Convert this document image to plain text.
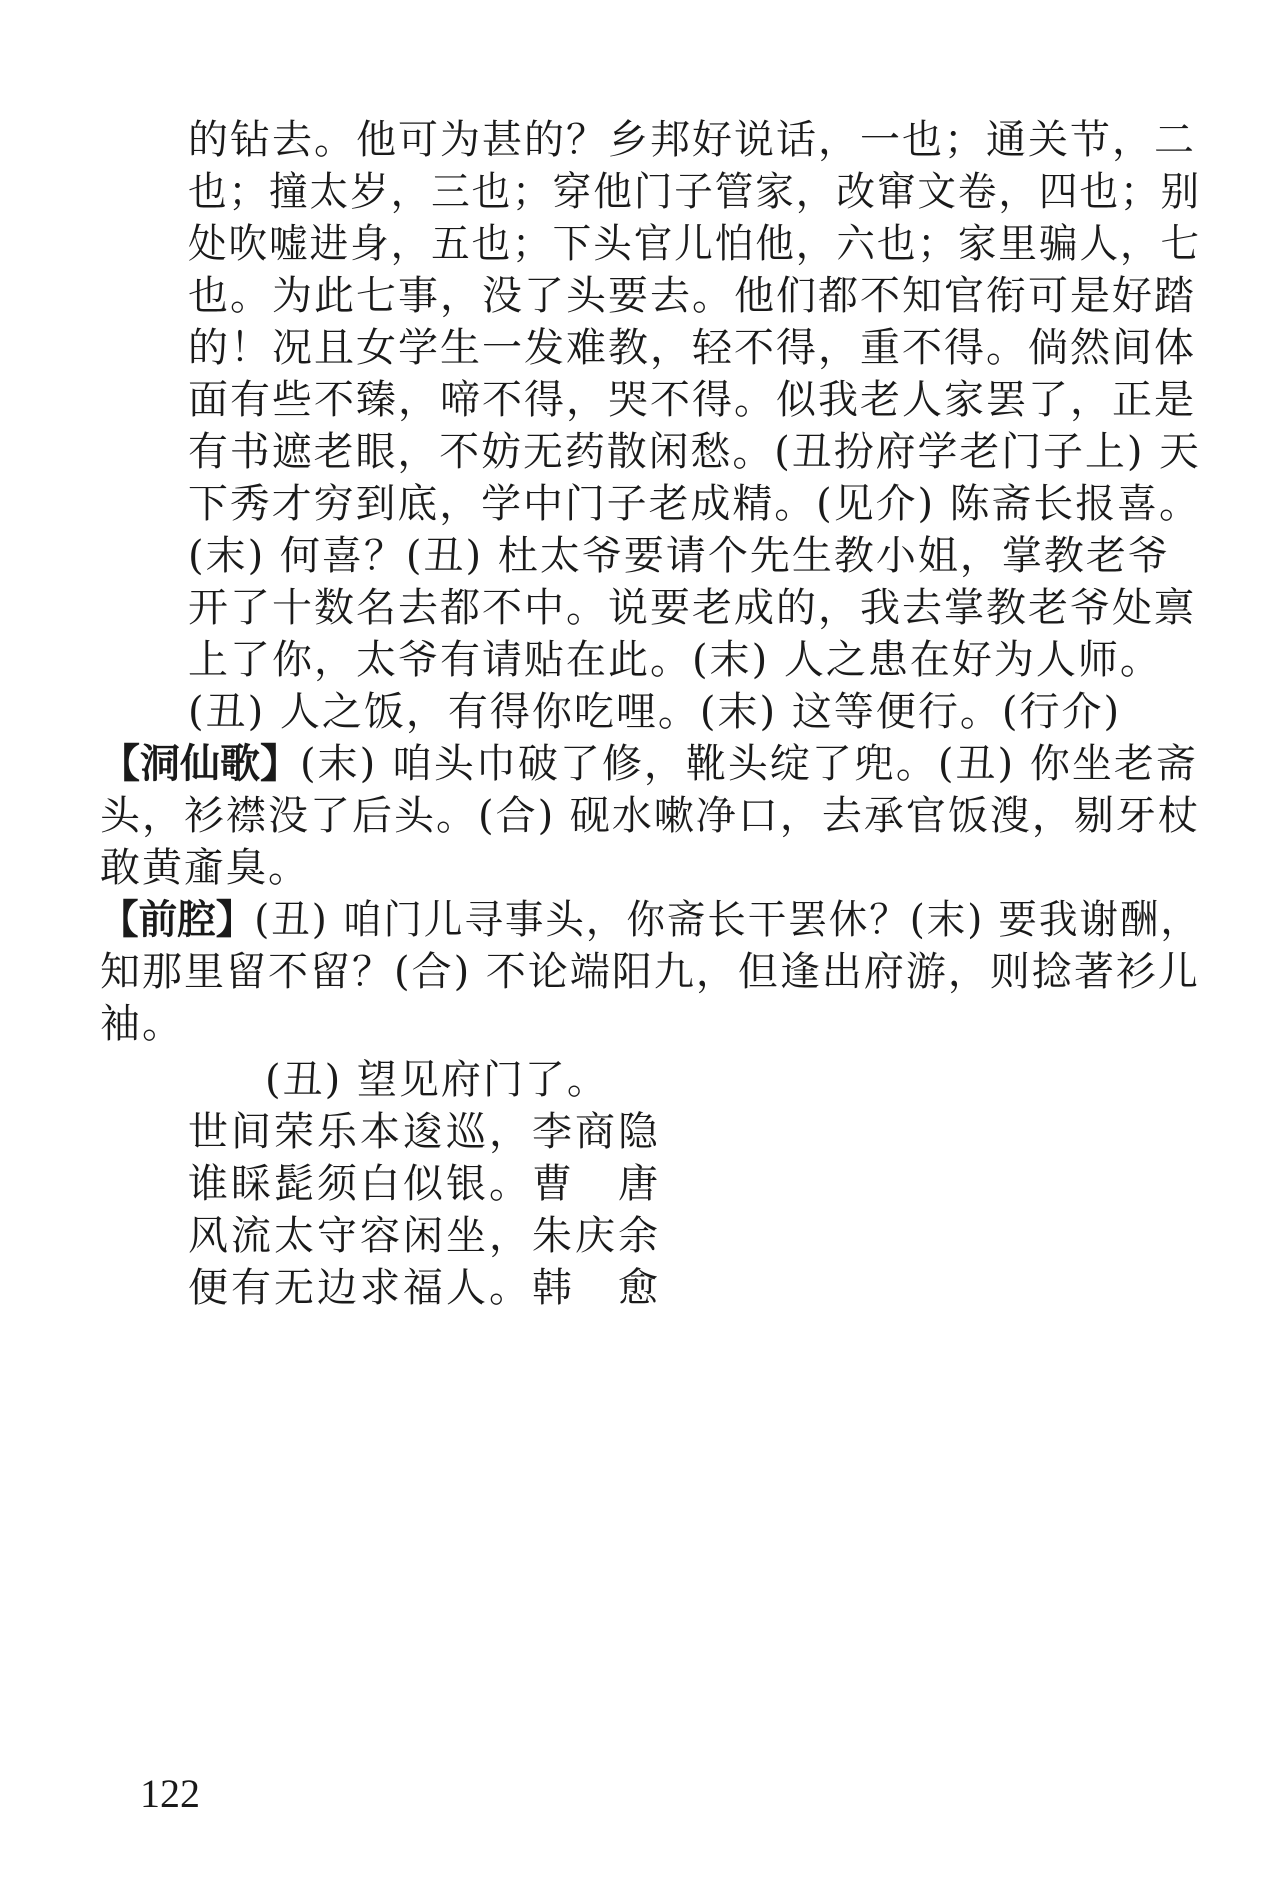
的钻去。他可为甚的？乡邦好说话，一也；通关节，二
也；撞太岁，三也；穿他门子管家，改窜文卷，四也；别
处吹嘘进身，五也；下头官儿怕他，六也；家里骗人，七
也。为此七事，没了头要去。他们都不知官衔可是好踏
的！况且女学生一发难教，轻不得，重不得。倘然间体
面有些不臻，啼不得，哭不得。似我老人家罢了，正是
有书遮老眼，不妨无药散闲愁。(丑扮府学老门子上) 天
下秀才穷到底，学中门子老成精。(见介) 陈斋长报喜。
(末) 何喜？(丑) 杜太爷要请个先生教小姐，掌教老爷
开了十数名去都不中。说要老成的，我去掌教老爷处禀
上了你，太爷有请贴在此。(末) 人之患在好为人师。
(丑) 人之饭，有得你吃哩。(末) 这等便行。(行介)
【洞仙歌】(末) 咱头巾破了修，靴头绽了兜。(丑) 你坐老斋
头，衫襟没了后头。(合) 砚水嗽净口，去承官饭溲，剔牙杖
敢黄齑臭。
【前腔】(丑) 咱门儿寻事头，你斋长干罢休？(末) 要我谢酬，
知那里留不留？(合) 不论端阳九，但逢出府游，则捻著衫儿
袖。
(丑) 望见府门了。
世间荣乐本逡巡，李商隐
谁睬髭须白似银。曹　唐
风流太守容闲坐，朱庆余
便有无边求福人。韩　愈
122
